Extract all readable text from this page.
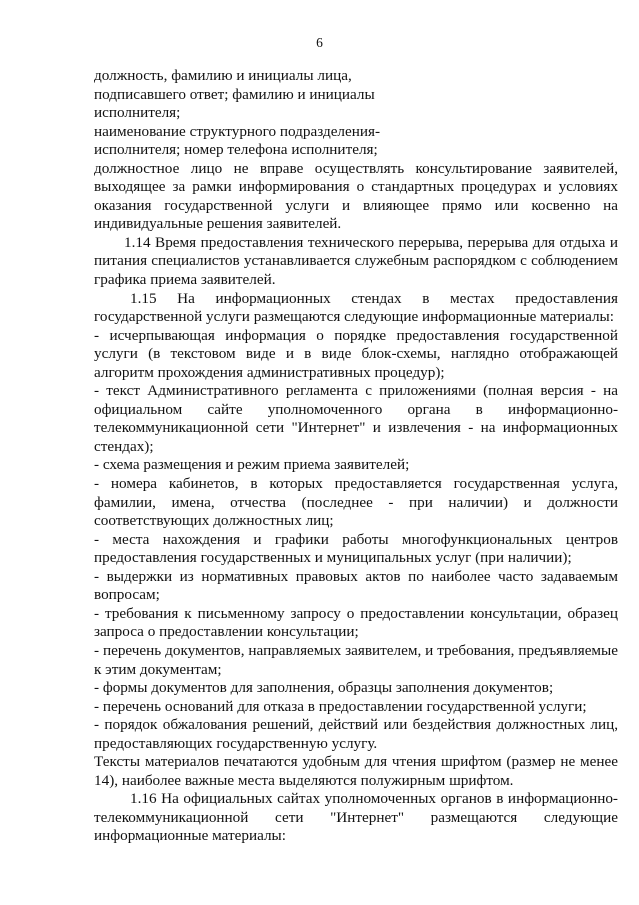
6

должность, фамилию и инициалы лица,

подписавшего ответ; фамилию и инициалы

исполнителя;

наименование структурного подразделения-

исполнителя; номер телефона исполнителя;

должностное лицо не вправе осуществлять консультирование заявителей, выходящее за рамки информирования о стандартных процедурах и условиях оказания государственной услуги и влияющее прямо или косвенно на индивидуальные решения заявителей.

1.14 Время предоставления технического перерыва, перерыва для отдыха и питания специалистов устанавливается служебным распорядком с соблюдением графика приема заявителей.

1.15 На информационных стендах в местах предоставления государственной услуги размещаются следующие информационные материалы:

- исчерпывающая информация о порядке предоставления государственной услуги (в текстовом виде и в виде блок-схемы, наглядно отображающей алгоритм прохождения административных процедур);

- текст Административного регламента с приложениями (полная версия - на официальном сайте уполномоченного органа в информационно-телекоммуникационной сети "Интернет" и извлечения - на информационных стендах);

- схема размещения и режим приема заявителей;

- номера кабинетов, в которых предоставляется государственная услуга, фамилии, имена, отчества (последнее - при наличии) и должности соответствующих должностных лиц;

- места нахождения и графики работы многофункциональных центров предоставления государственных и муниципальных услуг (при наличии);

- выдержки из нормативных правовых актов по наиболее часто задаваемым вопросам;

- требования к письменному запросу о предоставлении консультации, образец запроса о предоставлении консультации;

- перечень документов, направляемых заявителем, и требования, предъявляемые к этим документам;

- формы документов для заполнения, образцы заполнения документов;

- перечень оснований для отказа в предоставлении государственной услуги;

- порядок обжалования решений, действий или бездействия должностных лиц, предоставляющих государственную услугу.

Тексты материалов печатаются удобным для чтения шрифтом (размер не менее 14), наиболее важные места выделяются полужирным шрифтом.

1.16 На официальных сайтах уполномоченных органов в информационно-телекоммуникационной сети "Интернет" размещаются следующие информационные материалы:
